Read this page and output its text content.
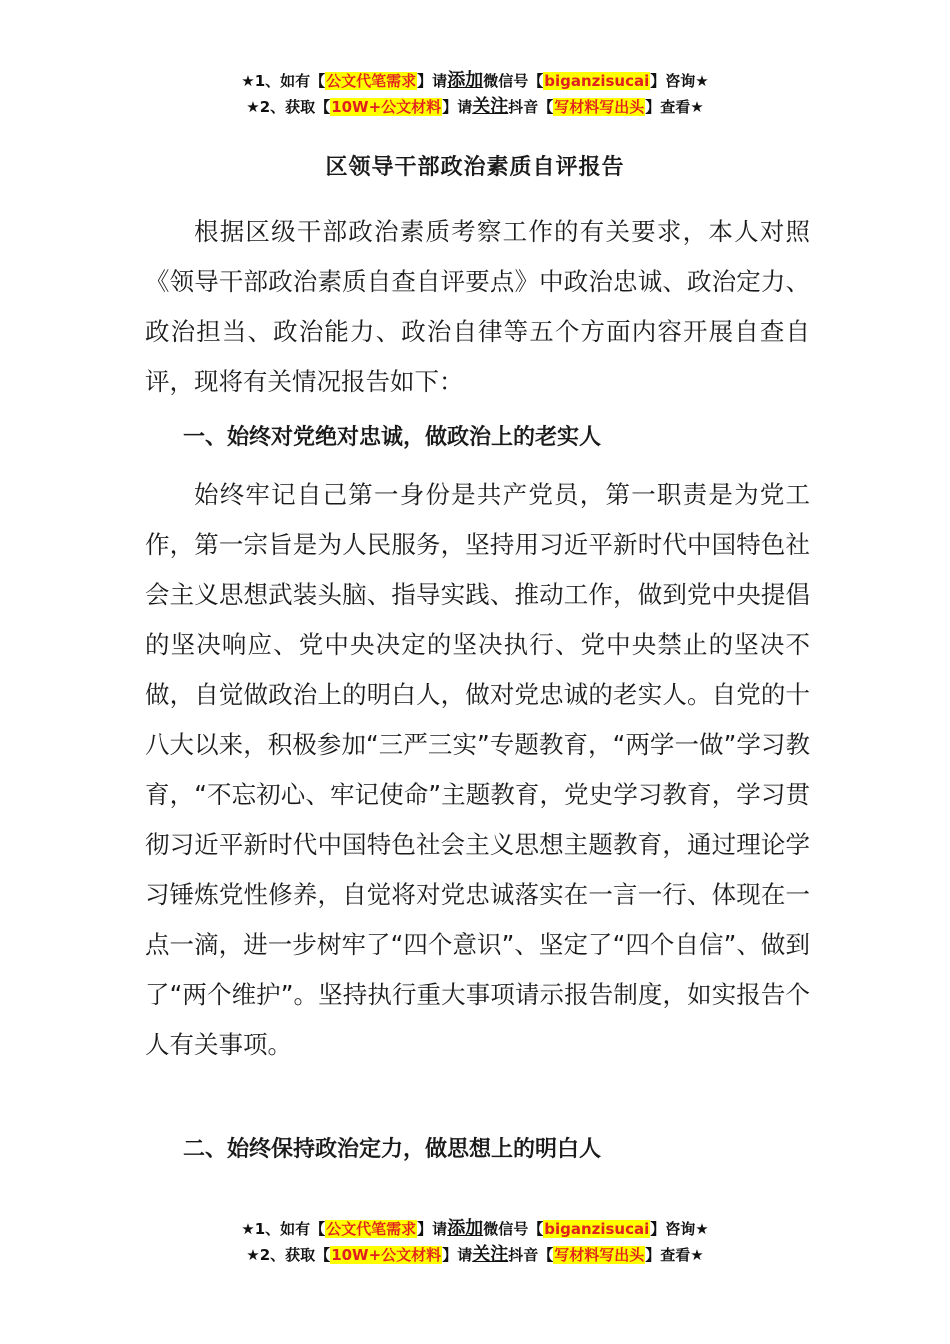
★1、如有【公文代笔需求】请添加微信号【biganzisucai】咨询★
★2、获取【10W+公文材料】请关注抖音【写材料写出头】查看★
区领导干部政治素质自评报告

根据区级干部政治素质考察工作的有关要求，本人对照《领导干部政治素质自查自评要点》中政治忠诚、政治定力、政治担当、政治能力、政治自律等五个方面内容开展自查自评，现将有关情况报告如下：

一、始终对党绝对忠诚，做政治上的老实人

始终牢记自己第一身份是共产党员，第一职责是为党工作，第一宗旨是为人民服务，坚持用习近平新时代中国特色社会主义思想武装头脑、指导实践、推动工作，做到党中央提倡的坚决响应、党中央决定的坚决执行、党中央禁止的坚决不做，自觉做政治上的明白人，做对党忠诚的老实人。自党的十八大以来，积极参加“三严三实”专题教育，“两学一做”学习教育，“不忘初心、牢记使命”主题教育，党史学习教育，学习贯彻习近平新时代中国特色社会主义思想主题教育，通过理论学习锤炼党性修养，自觉将对党忠诚落实在一言一行、体现在一点一滴，进一步树牢了“四个意识”、坚定了“四个自信”、做到了“两个维护”。坚持执行重大事项请示报告制度，如实报告个人有关事项。

二、始终保持政治定力，做思想上的明白人
★1、如有【公文代笔需求】请添加微信号【biganzisucai】咨询★
★2、获取【10W+公文材料】请关注抖音【写材料写出头】查看★
